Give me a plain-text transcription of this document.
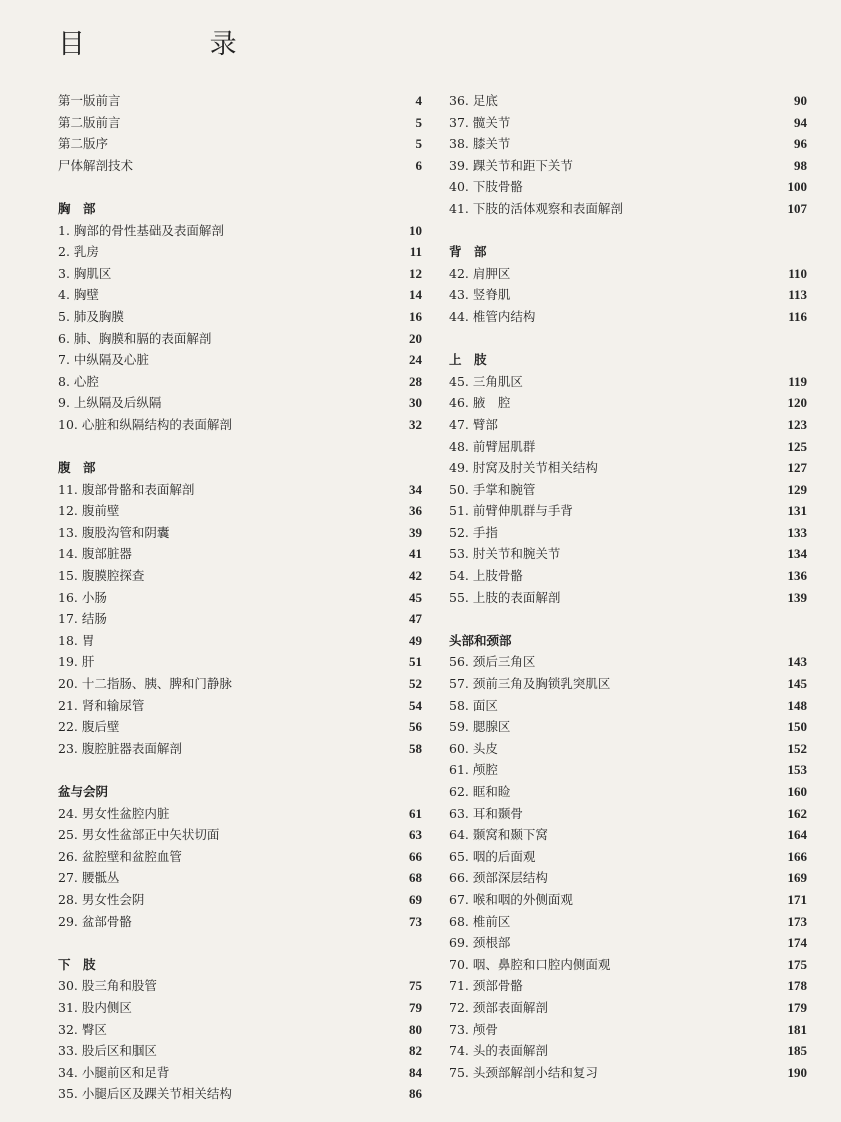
目 录
第一版前言	4
第二版前言	5
第二版序	5
尸体解剖技术	6
胸　部
1. 胸部的骨性基础及表面解剖	10
2. 乳房	11
3. 胸肌区	12
4. 胸壁	14
5. 肺及胸膜	16
6. 肺、胸膜和膈的表面解剖	20
7. 中纵隔及心脏	24
8. 心腔	28
9. 上纵隔及后纵隔	30
10. 心脏和纵隔结构的表面解剖	32
腹　部
11. 腹部骨骼和表面解剖	34
12. 腹前壁	36
13. 腹股沟管和阴囊	39
14. 腹部脏器	41
15. 腹膜腔探查	42
16. 小肠	45
17. 结肠	47
18. 胃	49
19. 肝	51
20. 十二指肠、胰、脾和门静脉	52
21. 肾和输尿管	54
22. 腹后壁	56
23. 腹腔脏器表面解剖	58
盆与会阴
24. 男女性盆腔内脏	61
25. 男女性盆部正中矢状切面	63
26. 盆腔壁和盆腔血管	66
27. 腰骶丛	68
28. 男女性会阴	69
29. 盆部骨骼	73
下　肢
30. 股三角和股管	75
31. 股内侧区	79
32. 臀区	80
33. 股后区和腘区	82
34. 小腿前区和足背	84
35. 小腿后区及踝关节相关结构	86
36. 足底	90
37. 髋关节	94
38. 膝关节	96
39. 踝关节和距下关节	98
40. 下肢骨骼	100
41. 下肢的活体观察和表面解剖	107
背　部
42. 肩胛区	110
43. 竖脊肌	113
44. 椎管内结构	116
上　肢
45. 三角肌区	119
46. 腋　腔	120
47. 臂部	123
48. 前臂屈肌群	125
49. 肘窝及肘关节相关结构	127
50. 手掌和腕管	129
51. 前臂伸肌群与手背	131
52. 手指	133
53. 肘关节和腕关节	134
54. 上肢骨骼	136
55. 上肢的表面解剖	139
头部和颈部
56. 颈后三角区	143
57. 颈前三角及胸锁乳突肌区	145
58. 面区	148
59. 腮腺区	150
60. 头皮	152
61. 颅腔	153
62. 眶和睑	160
63. 耳和颞骨	162
64. 颞窝和颞下窝	164
65. 咽的后面观	166
66. 颈部深层结构	169
67. 喉和咽的外侧面观	171
68. 椎前区	173
69. 颈根部	174
70. 咽、鼻腔和口腔内侧面观	175
71. 颈部骨骼	178
72. 颈部表面解剖	179
73. 颅骨	181
74. 头的表面解剖	185
75. 头颈部解剖小结和复习	190
